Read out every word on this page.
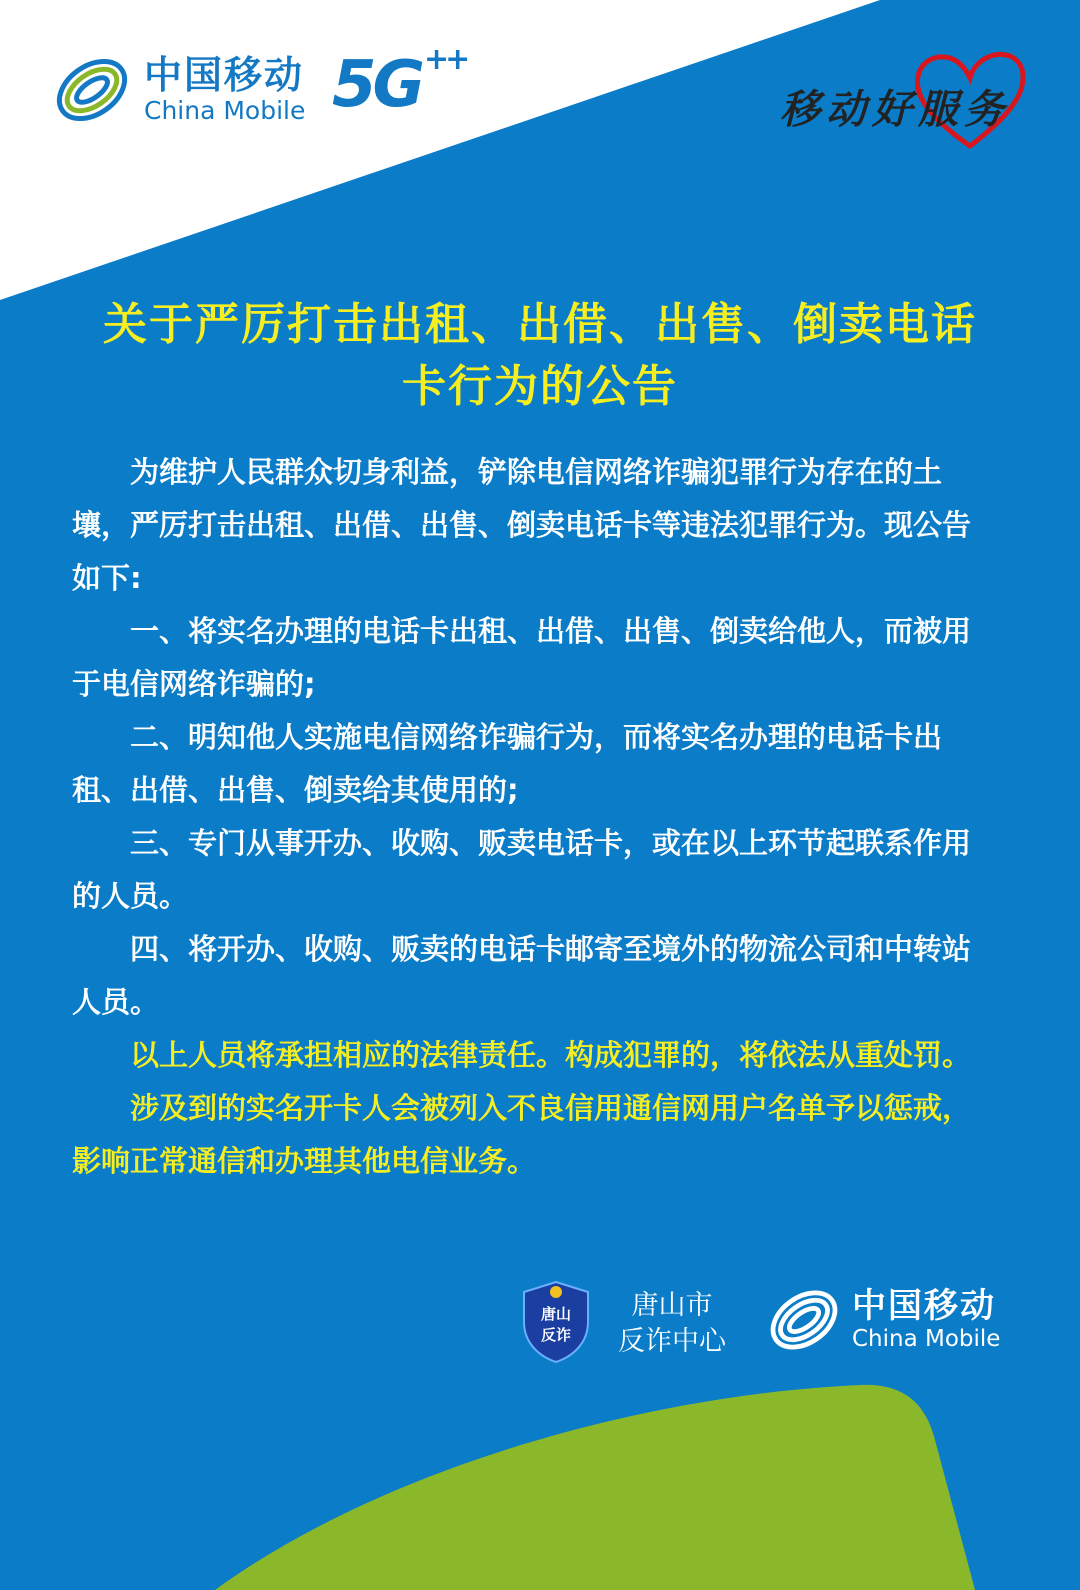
中国移动
China Mobile 5G ++
移动好服务
关于严厉打击出租、出借、出售、倒卖电话
卡行为的公告

为维护人民群众切身利益，铲除电信网络诈骗犯罪行为存在的土壤，严厉打击出租、出借、出售、倒卖电话卡等违法犯罪行为。现公告如下:

一、将实名办理的电话卡出租、出借、出售、倒卖给他人，而被用于电信网络诈骗的;

二、明知他人实施电信网络诈骗行为，而将实名办理的电话卡出租、出借、出售、倒卖给其使用的;

三、专门从事开办、收购、贩卖电话卡，或在以上环节起联系作用的人员。

四、将开办、收购、贩卖的电话卡邮寄至境外的物流公司和中转站人员。

以上人员将承担相应的法律责任。构成犯罪的，将依法从重处罚。

涉及到的实名开卡人会被列入不良信用通信网用户名单予以惩戒，影响正常通信和办理其他电信业务。

唐山
反诈
唐山市
反诈中心
中国移动
China Mobile
